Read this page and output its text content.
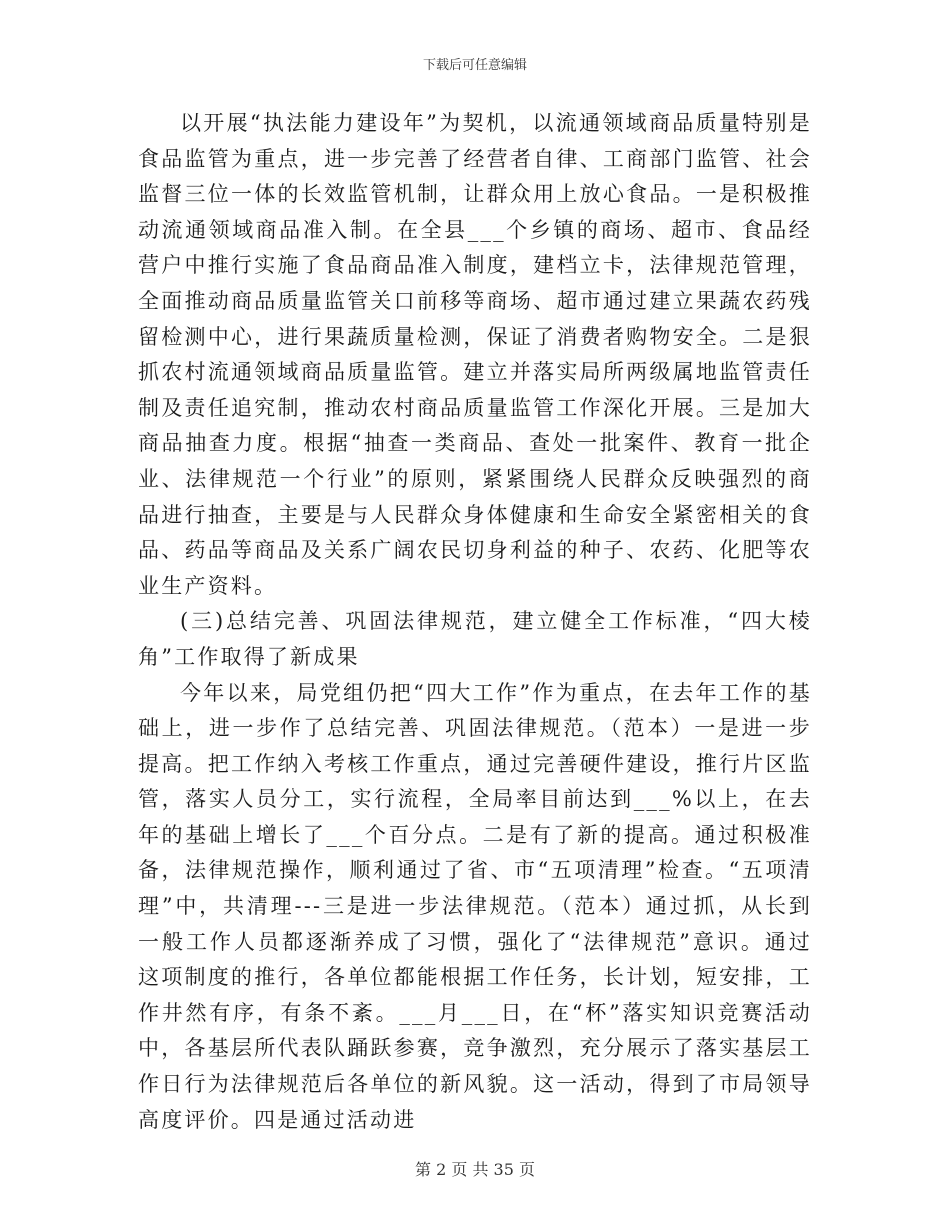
下载后可任意编辑

以开展“执法能力建设年”为契机，以流通领域商品质量特别是食品监管为重点，进一步完善了经营者自律、工商部门监管、社会监督三位一体的长效监管机制，让群众用上放心食品。一是积极推动流通领域商品准入制。在全县___个乡镇的商场、超市、食品经营户中推行实施了食品商品准入制度，建档立卡，法律规范管理，全面推动商品质量监管关口前移等商场、超市通过建立果蔬农药残留检测中心，进行果蔬质量检测，保证了消费者购物安全。二是狠抓农村流通领域商品质量监管。建立并落实局所两级属地监管责任制及责任追究制，推动农村商品质量监管工作深化开展。三是加大商品抽查力度。根据“抽查一类商品、查处一批案件、教育一批企业、法律规范一个行业”的原则，紧紧围绕人民群众反映强烈的商品进行抽查，主要是与人民群众身体健康和生命安全紧密相关的食品、药品等商品及关系广阔农民切身利益的种子、农药、化肥等农业生产资料。

(三)总结完善、巩固法律规范，建立健全工作标准，“四大棱角”工作取得了新成果

今年以来，局党组仍把“四大工作”作为重点，在去年工作的基础上，进一步作了总结完善、巩固法律规范。（范本）一是进一步提高。把工作纳入考核工作重点，通过完善硬件建设，推行片区监管，落实人员分工，实行流程，全局率目前达到___%以上，在去年的基础上增长了___个百分点。二是有了新的提高。通过积极准备，法律规范操作，顺利通过了省、市“五项清理”检查。“五项清理”中，共清理---三是进一步法律规范。（范本）通过抓，从长到一般工作人员都逐渐养成了习惯，强化了“法律规范”意识。通过这项制度的推行，各单位都能根据工作任务，长计划，短安排，工作井然有序，有条不紊。___月___日，在“杯”落实知识竞赛活动中，各基层所代表队踊跃参赛，竞争激烈，充分展示了落实基层工作日行为法律规范后各单位的新风貌。这一活动，得到了市局领导高度评价。四是通过活动进

第 2 页 共 35 页
